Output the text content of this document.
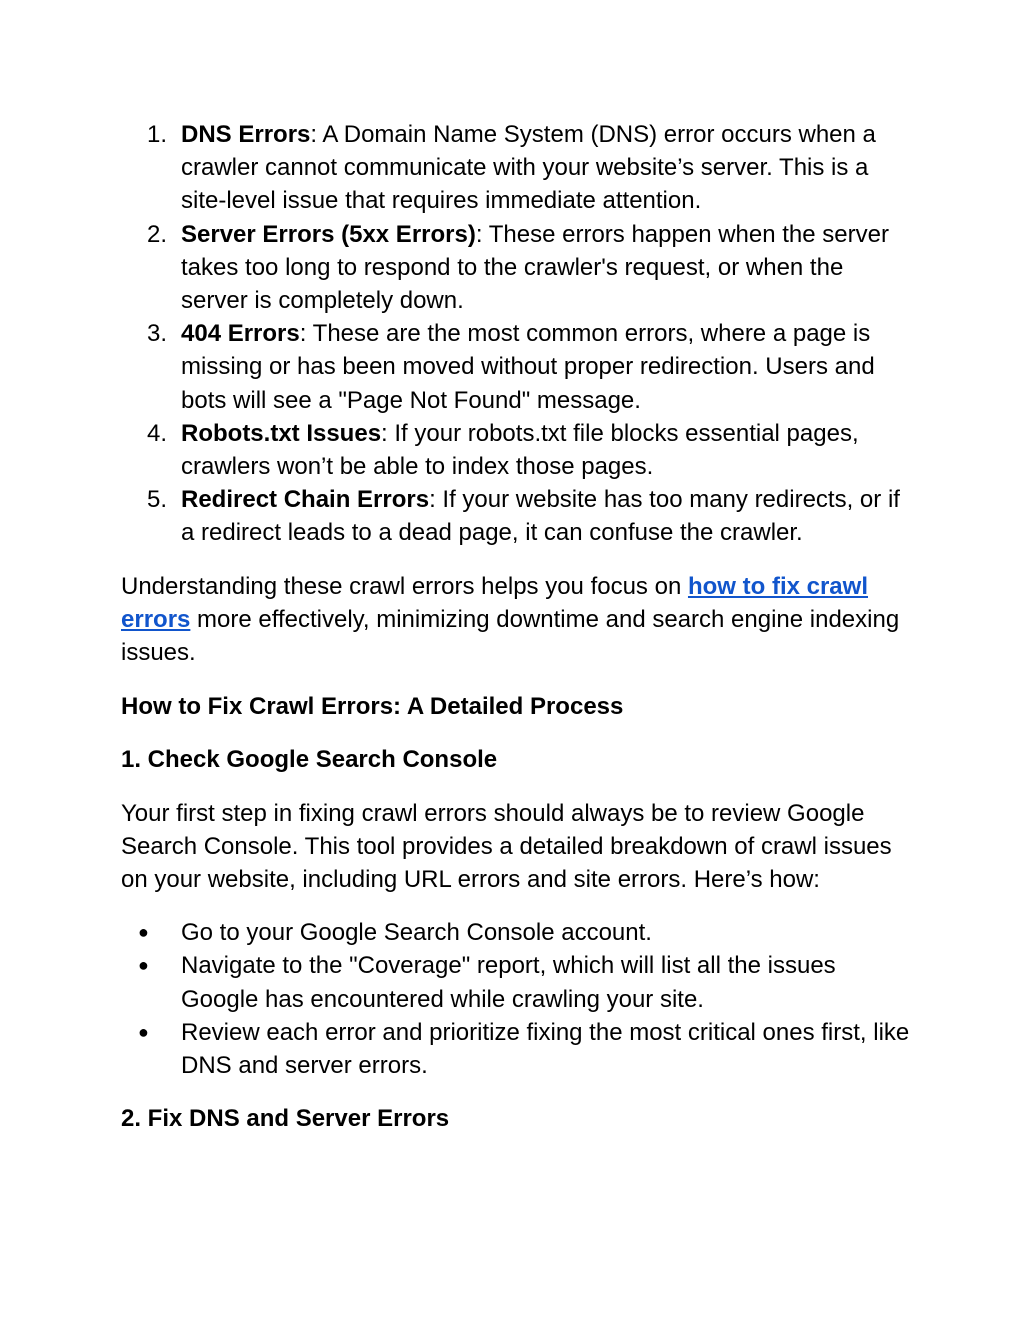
1. DNS Errors: A Domain Name System (DNS) error occurs when a crawler cannot communicate with your website’s server. This is a site-level issue that requires immediate attention.
2. Server Errors (5xx Errors): These errors happen when the server takes too long to respond to the crawler's request, or when the server is completely down.
3. 404 Errors: These are the most common errors, where a page is missing or has been moved without proper redirection. Users and bots will see a "Page Not Found" message.
4. Robots.txt Issues: If your robots.txt file blocks essential pages, crawlers won’t be able to index those pages.
5. Redirect Chain Errors: If your website has too many redirects, or if a redirect leads to a dead page, it can confuse the crawler.

Understanding these crawl errors helps you focus on how to fix crawl errors more effectively, minimizing downtime and search engine indexing issues.

How to Fix Crawl Errors: A Detailed Process

1. Check Google Search Console

Your first step in fixing crawl errors should always be to review Google Search Console. This tool provides a detailed breakdown of crawl issues on your website, including URL errors and site errors. Here’s how:

● Go to your Google Search Console account.
● Navigate to the "Coverage" report, which will list all the issues Google has encountered while crawling your site.
● Review each error and prioritize fixing the most critical ones first, like DNS and server errors.

2. Fix DNS and Server Errors
